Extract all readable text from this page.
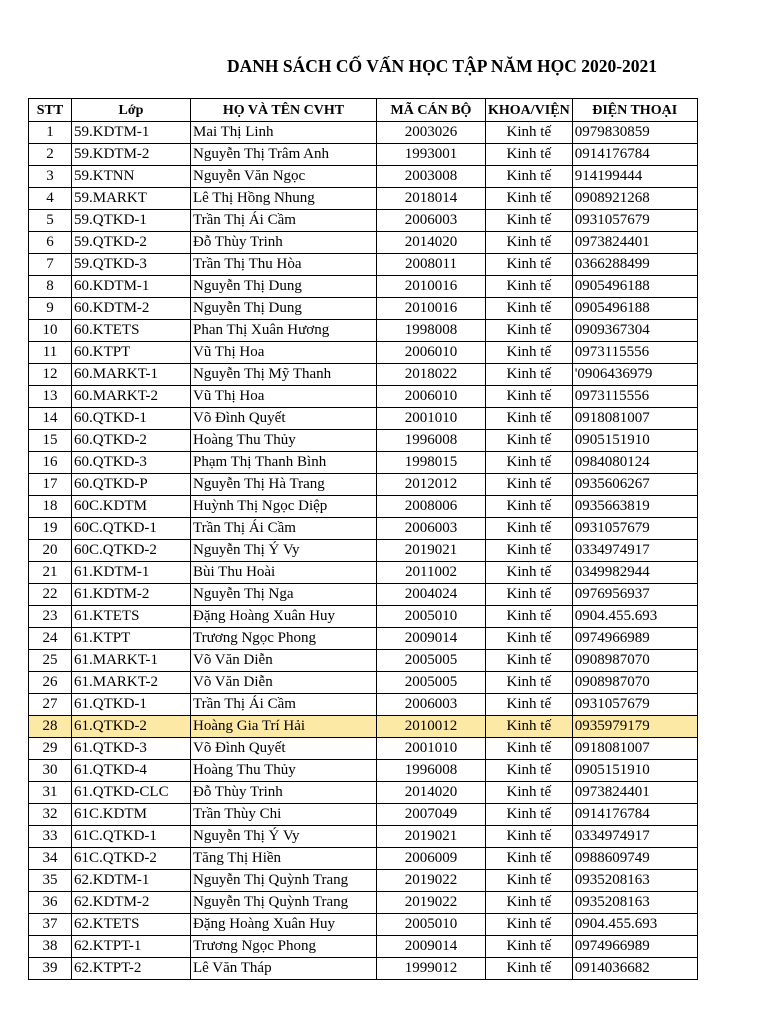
DANH SÁCH CỐ VẤN HỌC TẬP NĂM HỌC 2020-2021
STT	Lớp	HỌ VÀ TÊN CVHT	MÃ CÁN BỘ	KHOA/VIỆN	ĐIỆN THOẠI
1	59.KDTM-1	Mai Thị Linh	2003026	Kinh tế	0979830859
2	59.KDTM-2	Nguyễn Thị Trâm Anh	1993001	Kinh tế	0914176784
3	59.KTNN	Nguyễn Văn Ngọc	2003008	Kinh tế	914199444
4	59.MARKT	Lê Thị Hồng Nhung	2018014	Kinh tế	0908921268
5	59.QTKD-1	Trần Thị Ái Cầm	2006003	Kinh tế	0931057679
6	59.QTKD-2	Đỗ Thùy Trinh	2014020	Kinh tế	0973824401
7	59.QTKD-3	Trần Thị Thu Hòa	2008011	Kinh tế	0366288499
8	60.KDTM-1	Nguyễn Thị Dung	2010016	Kinh tế	0905496188
9	60.KDTM-2	Nguyễn Thị Dung	2010016	Kinh tế	0905496188
10	60.KTETS	Phan Thị Xuân Hương	1998008	Kinh tế	0909367304
11	60.KTPT	Vũ Thị Hoa	2006010	Kinh tế	0973115556
12	60.MARKT-1	Nguyễn Thị Mỹ Thanh	2018022	Kinh tế	'0906436979
13	60.MARKT-2	Vũ Thị Hoa	2006010	Kinh tế	0973115556
14	60.QTKD-1	Võ Đình Quyết	2001010	Kinh tế	0918081007
15	60.QTKD-2	Hoàng Thu Thủy	1996008	Kinh tế	0905151910
16	60.QTKD-3	Phạm Thị Thanh Bình	1998015	Kinh tế	0984080124
17	60.QTKD-P	Nguyễn Thị Hà Trang	2012012	Kinh tế	0935606267
18	60C.KDTM	Huỳnh Thị Ngọc Diệp	2008006	Kinh tế	0935663819
19	60C.QTKD-1	Trần Thị Ái Cầm	2006003	Kinh tế	0931057679
20	60C.QTKD-2	Nguyễn Thị Ý Vy	2019021	Kinh tế	0334974917
21	61.KDTM-1	Bùi Thu Hoài	2011002	Kinh tế	0349982944
22	61.KDTM-2	Nguyễn Thị Nga	2004024	Kinh tế	0976956937
23	61.KTETS	Đặng Hoàng Xuân Huy	2005010	Kinh tế	0904.455.693
24	61.KTPT	Trương Ngọc Phong	2009014	Kinh tế	0974966989
25	61.MARKT-1	Võ Văn Diễn	2005005	Kinh tế	0908987070
26	61.MARKT-2	Võ Văn Diễn	2005005	Kinh tế	0908987070
27	61.QTKD-1	Trần Thị Ái Cầm	2006003	Kinh tế	0931057679
28	61.QTKD-2	Hoàng Gia Trí Hải	2010012	Kinh tế	0935979179
29	61.QTKD-3	Võ Đình Quyết	2001010	Kinh tế	0918081007
30	61.QTKD-4	Hoàng Thu Thủy	1996008	Kinh tế	0905151910
31	61.QTKD-CLC	Đỗ Thùy Trinh	2014020	Kinh tế	0973824401
32	61C.KDTM	Trần Thùy Chi	2007049	Kinh tế	0914176784
33	61C.QTKD-1	Nguyễn Thị Ý Vy	2019021	Kinh tế	0334974917
34	61C.QTKD-2	Tăng Thị Hiền	2006009	Kinh tế	0988609749
35	62.KDTM-1	Nguyễn Thị Quỳnh Trang	2019022	Kinh tế	0935208163
36	62.KDTM-2	Nguyễn Thị Quỳnh Trang	2019022	Kinh tế	0935208163
37	62.KTETS	Đặng Hoàng Xuân Huy	2005010	Kinh tế	0904.455.693
38	62.KTPT-1	Trương Ngọc Phong	2009014	Kinh tế	0974966989
39	62.KTPT-2	Lê Văn Tháp	1999012	Kinh tế	0914036682
